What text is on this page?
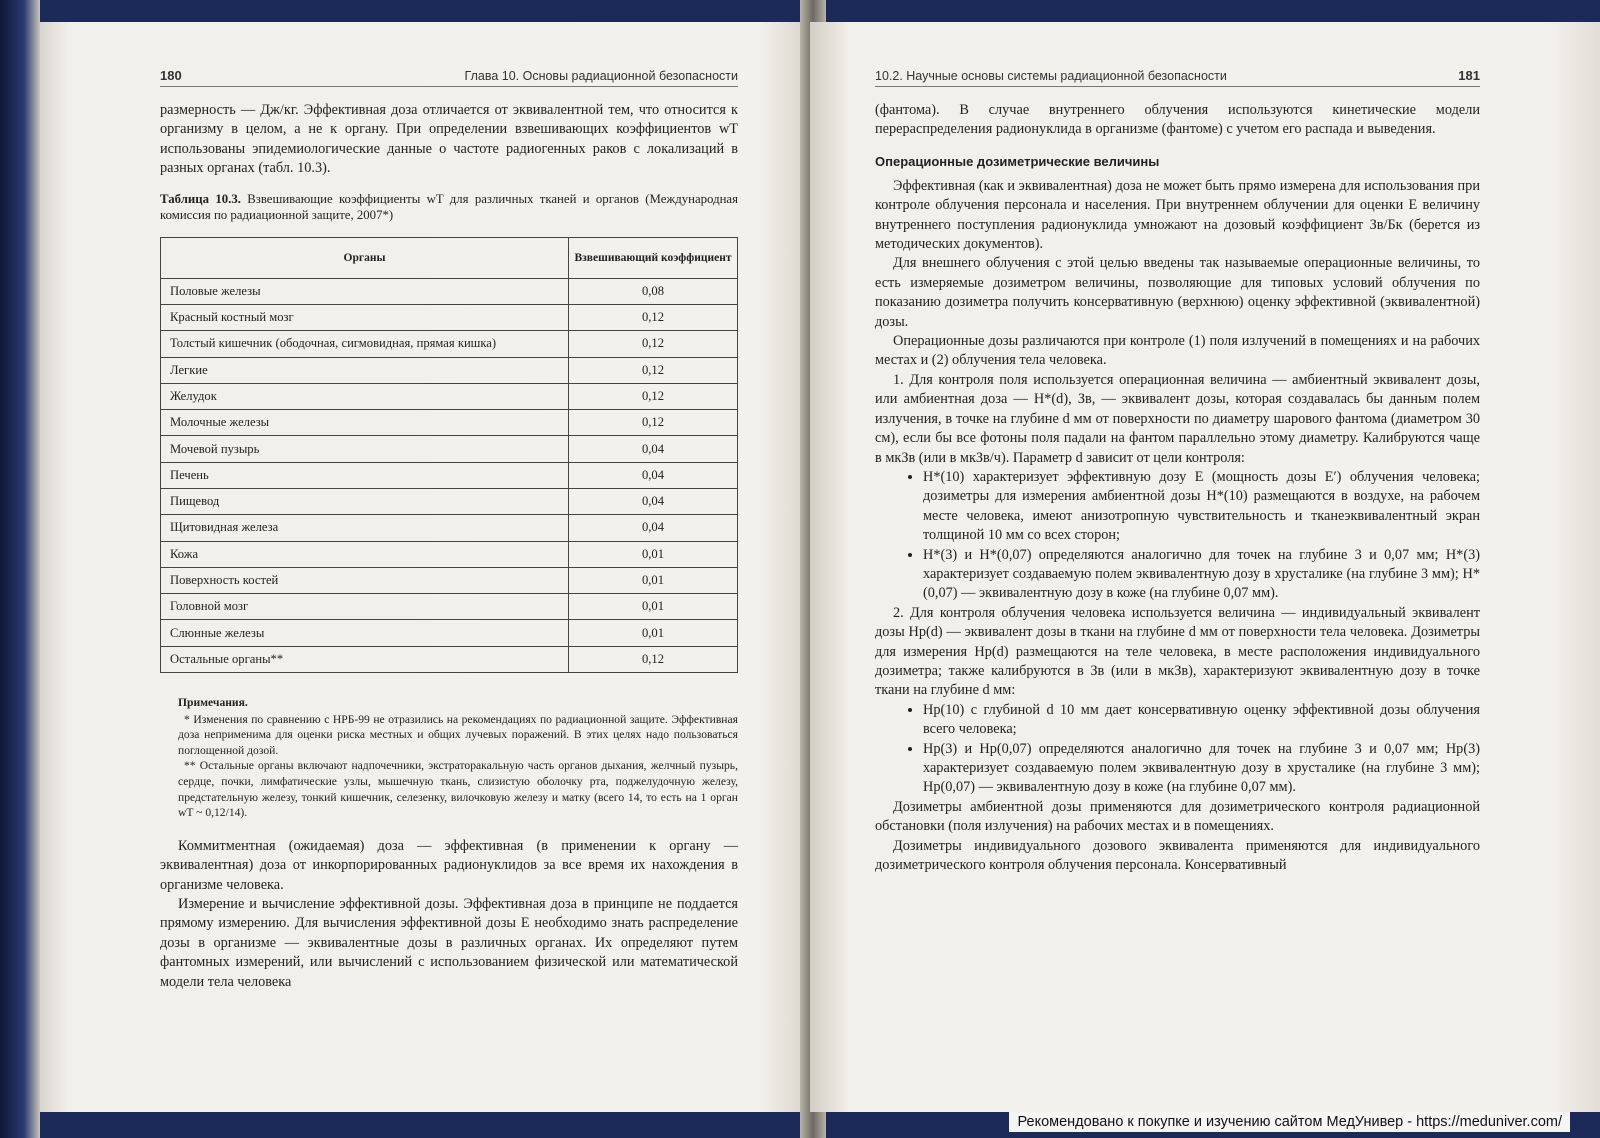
180	Глава 10. Основы радиационной безопасности

размерность — Дж/кг. Эффективная доза отличается от эквивалентной тем, что относится к организму в целом, а не к органу. При определении взвешивающих коэффициентов wT использованы эпидемиологические данные о частоте радиогенных раков с локализаций в разных органах (табл. 10.3).

Таблица 10.3. Взвешивающие коэффициенты wT для различных тканей и органов (Международная комиссия по радиационной защите, 2007*)
Органы	Взвешивающий коэффициент
Половые железы	0,08
Красный костный мозг	0,12
Толстый кишечник (ободочная, сигмовидная, прямая кишка)	0,12
Легкие	0,12
Желудок	0,12
Молочные железы	0,12
Мочевой пузырь	0,04
Печень	0,04
Пищевод	0,04
Щитовидная железа	0,04
Кожа	0,01
Поверхность костей	0,01
Головной мозг	0,01
Слюнные железы	0,01
Остальные органы**	0,12
Примечания.
* Изменения по сравнению с НРБ-99 не отразились на рекомендациях по радиационной защите. Эффективная доза неприменима для оценки риска местных и общих лучевых поражений. В этих целях надо пользоваться поглощенной дозой.
** Остальные органы включают надпочечники, экстраторакальную часть органов дыхания, желчный пузырь, сердце, почки, лимфатические узлы, мышечную ткань, слизистую оболочку рта, поджелудочную железу, предстательную железу, тонкий кишечник, селезенку, вилочковую железу и матку (всего 14, то есть на 1 орган wT ~ 0,12/14).

Коммитментная (ожидаемая) доза — эффективная (в применении к органу — эквивалентная) доза от инкорпорированных радионуклидов за все время их нахождения в организме человека.

Измерение и вычисление эффективной дозы. Эффективная доза в принципе не поддается прямому измерению. Для вычисления эффективной дозы E необходимо знать распределение дозы в организме — эквивалентные дозы в различных органах. Их определяют путем фантомных измерений, или вычислений с использованием физической или математической модели тела человека

10.2. Научные основы системы радиационной безопасности	181

(фантома). В случае внутреннего облучения используются кинетические модели перераспределения радионуклида в организме (фантоме) с учетом его распада и выведения.

Операционные дозиметрические величины

Эффективная (как и эквивалентная) доза не может быть прямо измерена для использования при контроле облучения персонала и населения. При внутреннем облучении для оценки E величину внутреннего поступления радионуклида умножают на дозовый коэффициент Зв/Бк (берется из методических документов).

Для внешнего облучения с этой целью введены так называемые операционные величины, то есть измеряемые дозиметром величины, позволяющие для типовых условий облучения по показанию дозиметра получить консервативную (верхнюю) оценку эффективной (эквивалентной) дозы.

Операционные дозы различаются при контроле (1) поля излучений в помещениях и на рабочих местах и (2) облучения тела человека.

1. Для контроля поля используется операционная величина — амбиентный эквивалент дозы, или амбиентная доза — H*(d), Зв, — эквивалент дозы, которая создавалась бы данным полем излучения, в точке на глубине d мм от поверхности по диаметру шарового фантома (диаметром 30 см), если бы все фотоны поля падали на фантом параллельно этому диаметру. Калибруются чаще в мкЗв (или в мкЗв/ч). Параметр d зависит от цели контроля:

• H*(10) характеризует эффективную дозу E (мощность дозы E′) облучения человека; дозиметры для измерения амбиентной дозы H*(10) размещаются в воздухе, на рабочем месте человека, имеют анизотропную чувствительность и тканеэквивалентный экран толщиной 10 мм со всех сторон;
• H*(3) и H*(0,07) определяются аналогично для точек на глубине 3 и 0,07 мм; H*(3) характеризует создаваемую полем эквивалентную дозу в хрусталике (на глубине 3 мм); H*(0,07) — эквивалентную дозу в коже (на глубине 0,07 мм).

2. Для контроля облучения человека используется величина — индивидуальный эквивалент дозы Hp(d) — эквивалент дозы в ткани на глубине d мм от поверхности тела человека. Дозиметры для измерения Hp(d) размещаются на теле человека, в месте расположения индивидуального дозиметра; также калибруются в Зв (или в мкЗв), характеризуют эквивалентную дозу в точке ткани на глубине d мм:

• Hp(10) с глубиной d 10 мм дает консервативную оценку эффективной дозы облучения всего человека;
• Hp(3) и Hp(0,07) определяются аналогично для точек на глубине 3 и 0,07 мм; Hp(3) характеризует создаваемую полем эквивалентную дозу в хрусталике (на глубине 3 мм); Hp(0,07) — эквивалентную дозу в коже (на глубине 0,07 мм).

Дозиметры амбиентной дозы применяются для дозиметрического контроля радиационной обстановки (поля излучения) на рабочих местах и в помещениях.

Дозиметры индивидуального дозового эквивалента применяются для индивидуального дозиметрического контроля облучения персонала. Консервативный

Рекомендовано к покупке и изучению сайтом МедУнивер - https://meduniver.com/
